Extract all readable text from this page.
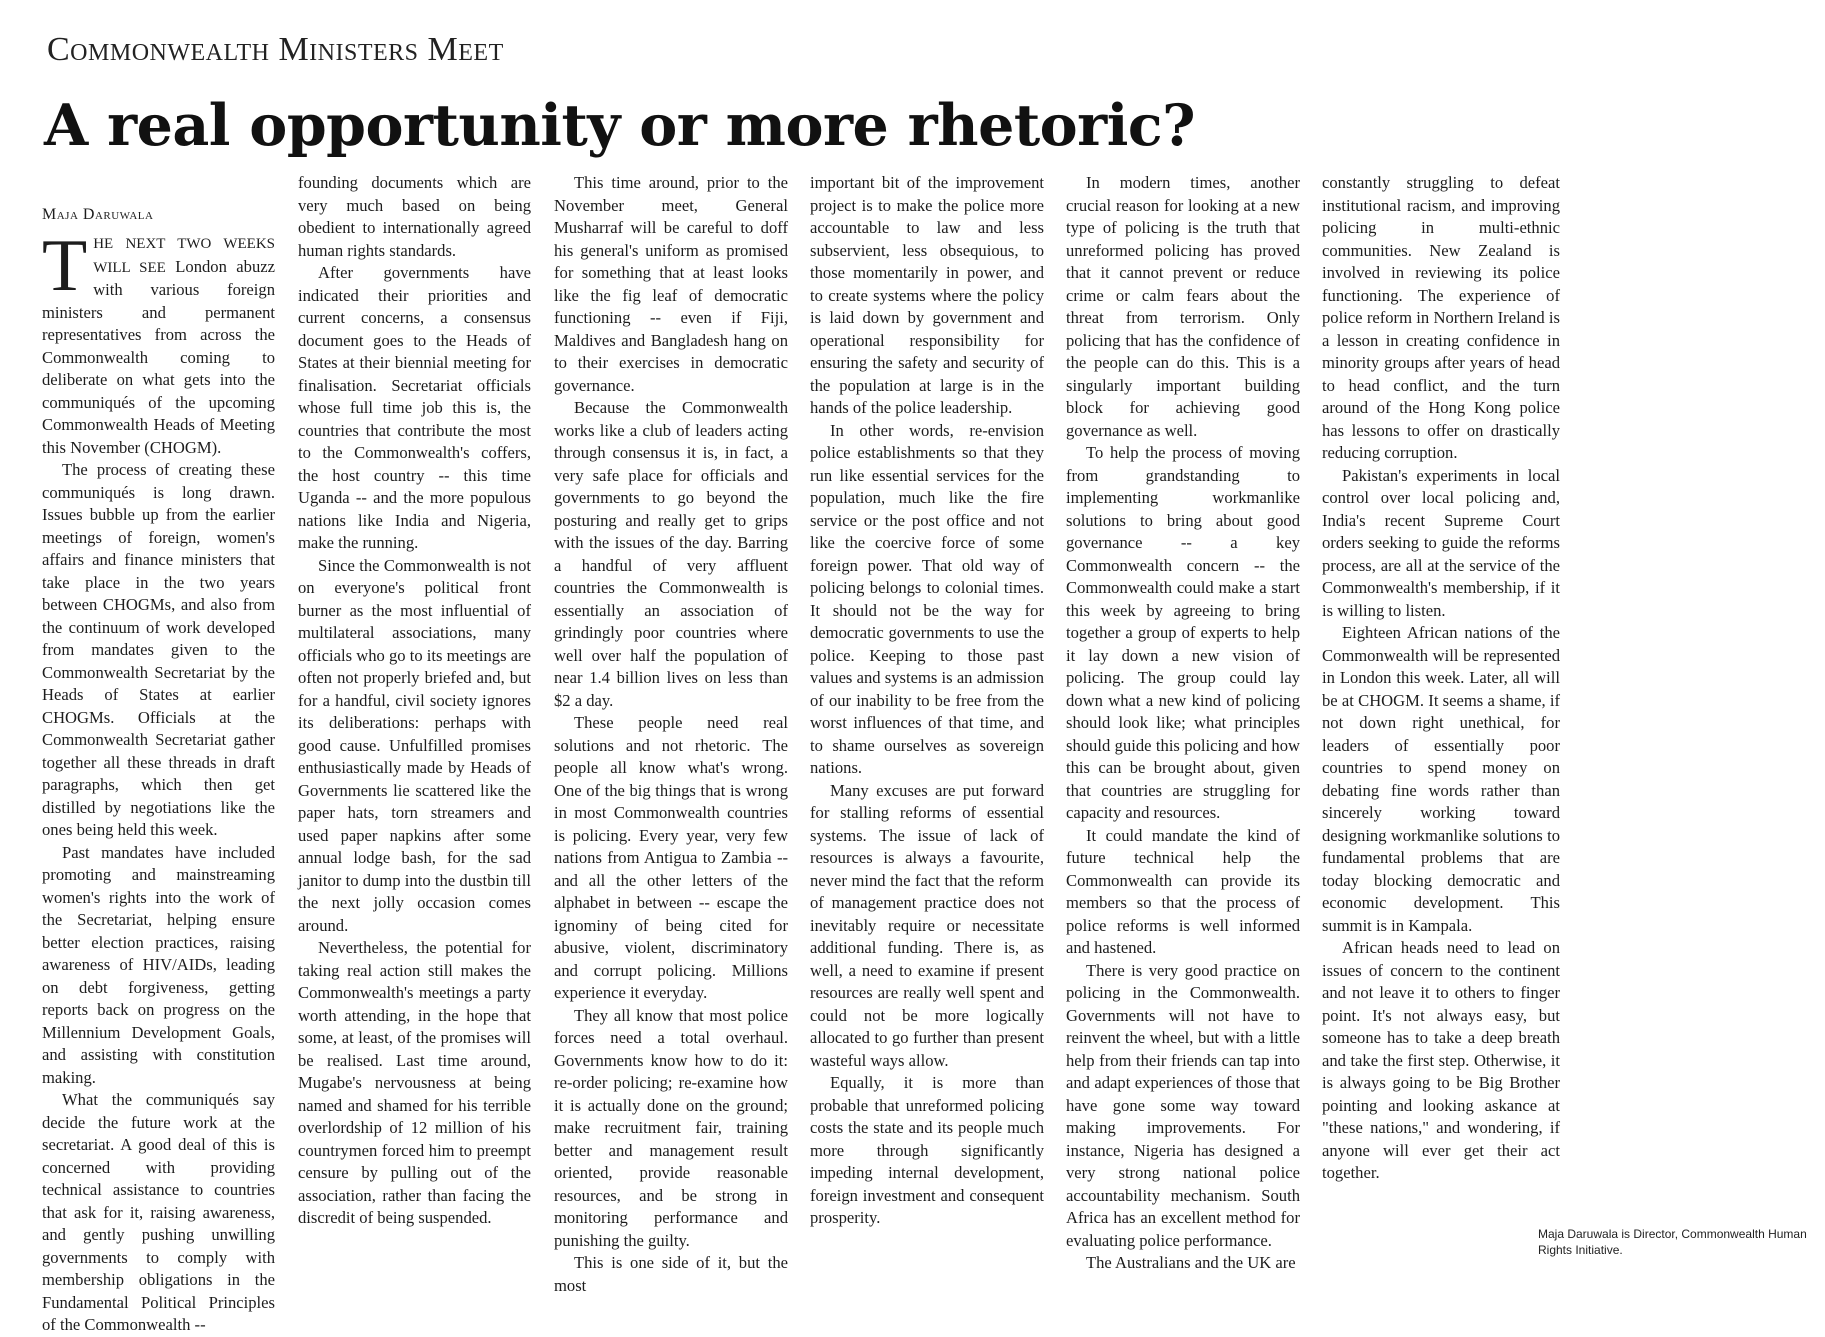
Commonwealth Ministers Meet
A real opportunity or more rhetoric?
Maja Daruwala

THE NEXT TWO WEEKS WILL SEE London abuzz with various foreign ministers and permanent representatives from across the Commonwealth coming to deliberate on what gets into the communiqués of the upcoming Commonwealth Heads of Meeting this November (CHOGM).

The process of creating these communiqués is long drawn. Issues bubble up from the earlier meetings of foreign, women's affairs and finance ministers that take place in the two years between CHOGMs, and also from the continuum of work developed from mandates given to the Commonwealth Secretariat by the Heads of States at earlier CHOGMs. Officials at the Commonwealth Secretariat gather together all these threads in draft paragraphs, which then get distilled by negotiations like the ones being held this week.

Past mandates have included promoting and mainstreaming women's rights into the work of the Secretariat, helping ensure better election practices, raising awareness of HIV/AIDs, leading on debt forgiveness, getting reports back on progress on the Millennium Development Goals, and assisting with constitution making.

What the communiqués say decide the future work at the secretariat. A good deal of this is concerned with providing technical assistance to countries that ask for it, raising awareness, and gently pushing unwilling governments to comply with membership obligations in the Fundamental Political Principles of the Commonwealth --

founding documents which are very much based on being obedient to internationally agreed human rights standards.

After governments have indicated their priorities and current concerns, a consensus document goes to the Heads of States at their biennial meeting for finalisation. Secretariat officials whose full time job this is, the countries that contribute the most to the Commonwealth's coffers, the host country -- this time Uganda -- and the more populous nations like India and Nigeria, make the running.

Since the Commonwealth is not on everyone's political front burner as the most influential of multilateral associations, many officials who go to its meetings are often not properly briefed and, but for a handful, civil society ignores its deliberations: perhaps with good cause. Unfulfilled promises enthusiastically made by Heads of Governments lie scattered like the paper hats, torn streamers and used paper napkins after some annual lodge bash, for the sad janitor to dump into the dustbin till the next jolly occasion comes around.

Nevertheless, the potential for taking real action still makes the Commonwealth's meetings a party worth attending, in the hope that some, at least, of the promises will be realised. Last time around, Mugabe's nervousness at being named and shamed for his terrible overlordship of 12 million of his countrymen forced him to preempt censure by pulling out of the association, rather than facing the discredit of being suspended.

This time around, prior to the November meet, General Musharraf will be careful to doff his general's uniform as promised for something that at least looks like the fig leaf of democratic functioning -- even if Fiji, Maldives and Bangladesh hang on to their exercises in democratic governance.

Because the Commonwealth works like a club of leaders acting through consensus it is, in fact, a very safe place for officials and governments to go beyond the posturing and really get to grips with the issues of the day. Barring a handful of very affluent countries the Commonwealth is essentially an association of grindingly poor countries where well over half the population of near 1.4 billion lives on less than $2 a day.

These people need real solutions and not rhetoric. The people all know what's wrong. One of the big things that is wrong in most Commonwealth countries is policing. Every year, very few nations from Antigua to Zambia -- and all the other letters of the alphabet in between -- escape the ignominy of being cited for abusive, violent, discriminatory and corrupt policing. Millions experience it everyday.

They all know that most police forces need a total overhaul. Governments know how to do it: re-order policing; re-examine how it is actually done on the ground; make recruitment fair, training better and management result oriented, provide reasonable resources, and be strong in monitoring performance and punishing the guilty.

This is one side of it, but the most

important bit of the improvement project is to make the police more accountable to law and less subservient, less obsequious, to those momentarily in power, and to create systems where the policy is laid down by government and operational responsibility for ensuring the safety and security of the population at large is in the hands of the police leadership.

In other words, re-envision police establishments so that they run like essential services for the population, much like the fire service or the post office and not like the coercive force of some foreign power. That old way of policing belongs to colonial times. It should not be the way for democratic governments to use the police. Keeping to those past values and systems is an admission of our inability to be free from the worst influences of that time, and to shame ourselves as sovereign nations.

Many excuses are put forward for stalling reforms of essential systems. The issue of lack of resources is always a favourite, never mind the fact that the reform of management practice does not inevitably require or necessitate additional funding. There is, as well, a need to examine if present resources are really well spent and could not be more logically allocated to go further than present wasteful ways allow.

Equally, it is more than probable that unreformed policing costs the state and its people much more through significantly impeding internal development, foreign investment and consequent prosperity.

In modern times, another crucial reason for looking at a new type of policing is the truth that unreformed policing has proved that it cannot prevent or reduce crime or calm fears about the threat from terrorism. Only policing that has the confidence of the people can do this. This is a singularly important building block for achieving good governance as well.

To help the process of moving from grandstanding to implementing workmanlike solutions to bring about good governance -- a key Commonwealth concern -- the Commonwealth could make a start this week by agreeing to bring together a group of experts to help it lay down a new vision of policing. The group could lay down what a new kind of policing should look like; what principles should guide this policing and how this can be brought about, given that countries are struggling for capacity and resources.

It could mandate the kind of future technical help the Commonwealth can provide its members so that the process of police reforms is well informed and hastened.

There is very good practice on policing in the Commonwealth. Governments will not have to reinvent the wheel, but with a little help from their friends can tap into and adapt experiences of those that have gone some way toward making improvements. For instance, Nigeria has designed a very strong national police accountability mechanism. South Africa has an excellent method for evaluating police performance.

The Australians and the UK are

constantly struggling to defeat institutional racism, and improving policing in multi-ethnic communities. New Zealand is involved in reviewing its police functioning. The experience of police reform in Northern Ireland is a lesson in creating confidence in minority groups after years of head to head conflict, and the turn around of the Hong Kong police has lessons to offer on drastically reducing corruption.

Pakistan's experiments in local control over local policing and, India's recent Supreme Court orders seeking to guide the reforms process, are all at the service of the Commonwealth's membership, if it is willing to listen.

Eighteen African nations of the Commonwealth will be represented in London this week. Later, all will be at CHOGM. It seems a shame, if not down right unethical, for leaders of essentially poor countries to spend money on debating fine words rather than sincerely working toward designing workmanlike solutions to fundamental problems that are today blocking democratic and economic development. This summit is in Kampala.

African heads need to lead on issues of concern to the continent and not leave it to others to finger point. It's not always easy, but someone has to take a deep breath and take the first step. Otherwise, it is always going to be Big Brother pointing and looking askance at "these nations," and wondering, if anyone will ever get their act together.

Maja Daruwala is Director, Commonwealth Human Rights Initiative.
